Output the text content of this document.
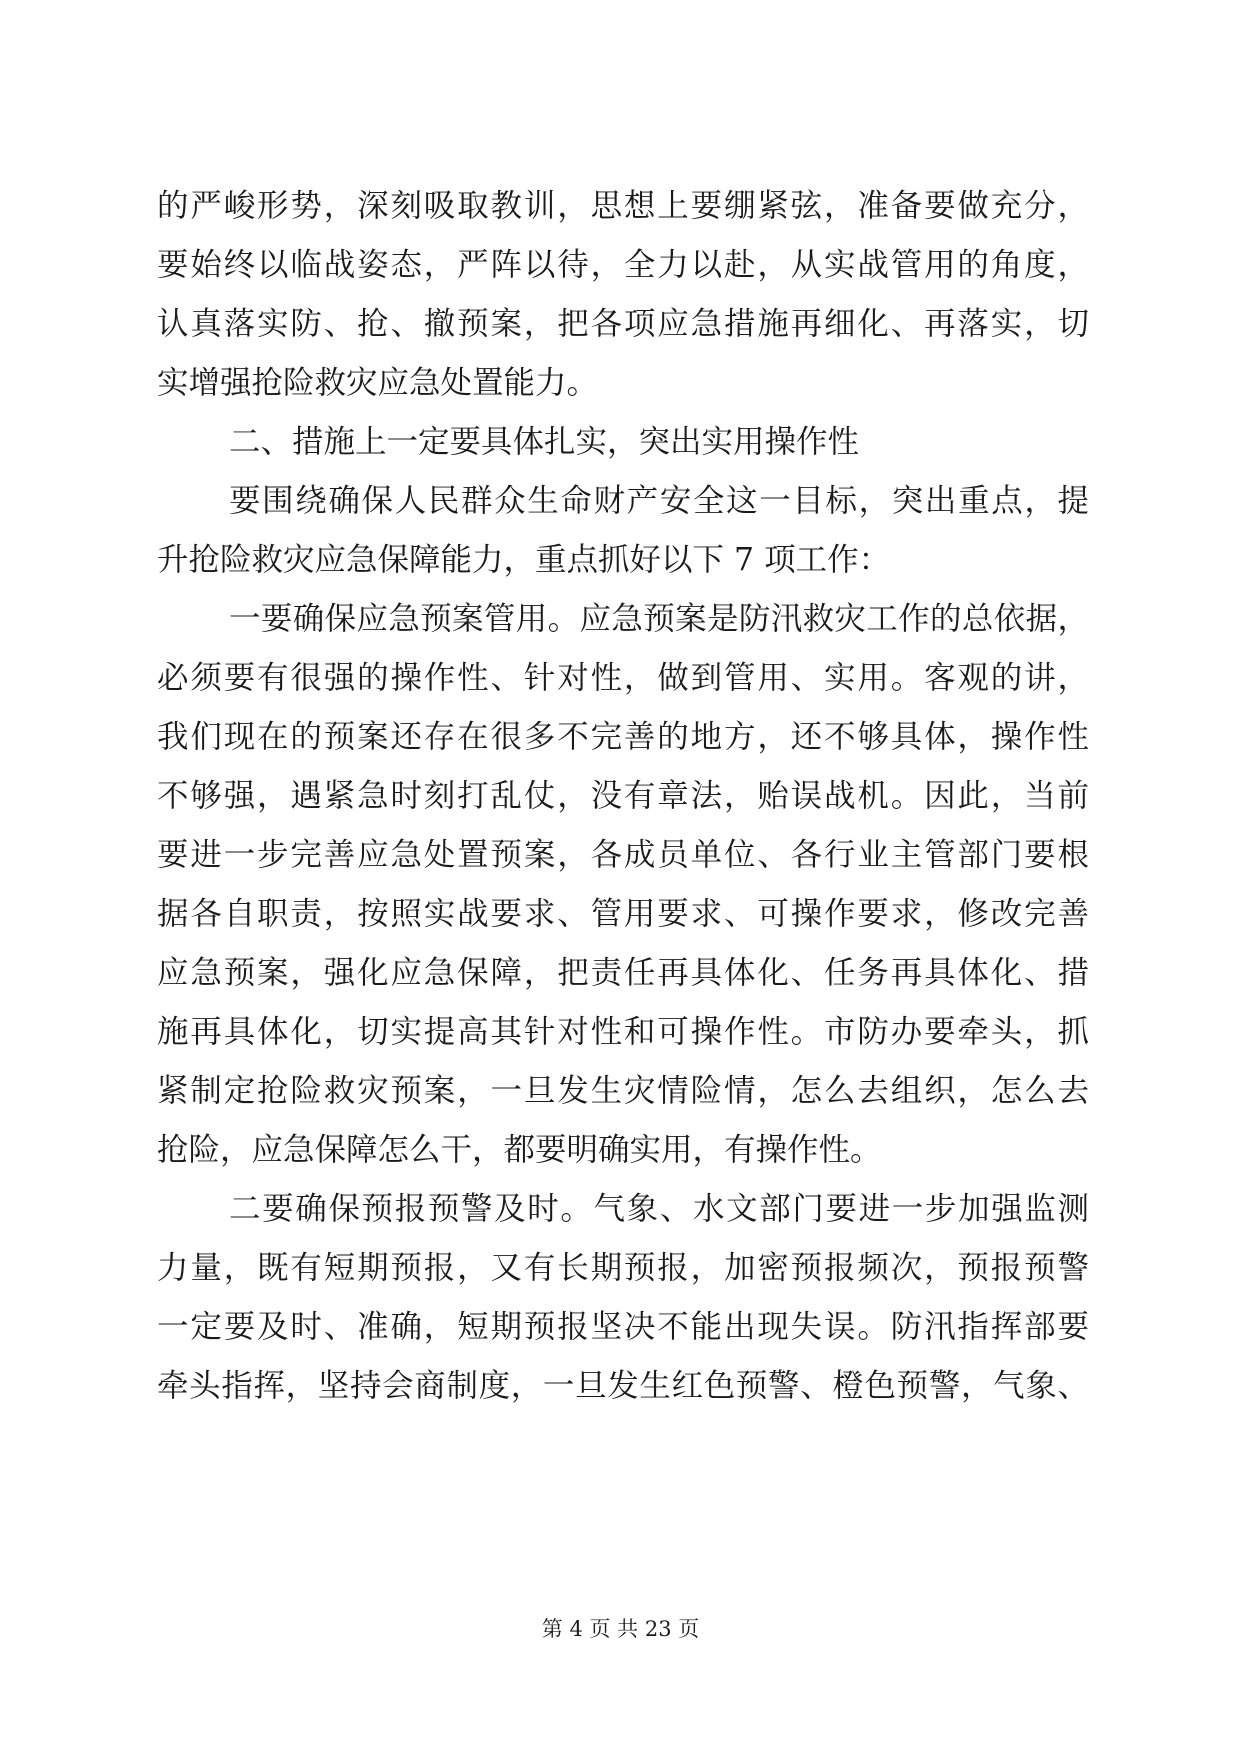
的严峻形势，深刻吸取教训，思想上要绷紧弦，准备要做充分，
要始终以临战姿态，严阵以待，全力以赴，从实战管用的角度，
认真落实防、抢、撤预案，把各项应急措施再细化、再落实，切
实增强抢险救灾应急处置能力。
二、措施上一定要具体扎实，突出实用操作性
要围绕确保人民群众生命财产安全这一目标，突出重点，提
升抢险救灾应急保障能力，重点抓好以下 7 项工作：
一要确保应急预案管用。应急预案是防汛救灾工作的总依据，
必须要有很强的操作性、针对性，做到管用、实用。客观的讲，
我们现在的预案还存在很多不完善的地方，还不够具体，操作性
不够强，遇紧急时刻打乱仗，没有章法，贻误战机。因此，当前
要进一步完善应急处置预案，各成员单位、各行业主管部门要根
据各自职责，按照实战要求、管用要求、可操作要求，修改完善
应急预案，强化应急保障，把责任再具体化、任务再具体化、措
施再具体化，切实提高其针对性和可操作性。市防办要牵头，抓
紧制定抢险救灾预案，一旦发生灾情险情，怎么去组织，怎么去
抢险，应急保障怎么干，都要明确实用，有操作性。
二要确保预报预警及时。气象、水文部门要进一步加强监测
力量，既有短期预报，又有长期预报，加密预报频次，预报预警
一定要及时、准确，短期预报坚决不能出现失误。防汛指挥部要
牵头指挥，坚持会商制度，一旦发生红色预警、橙色预警，气象、
第 4 页 共 23 页
